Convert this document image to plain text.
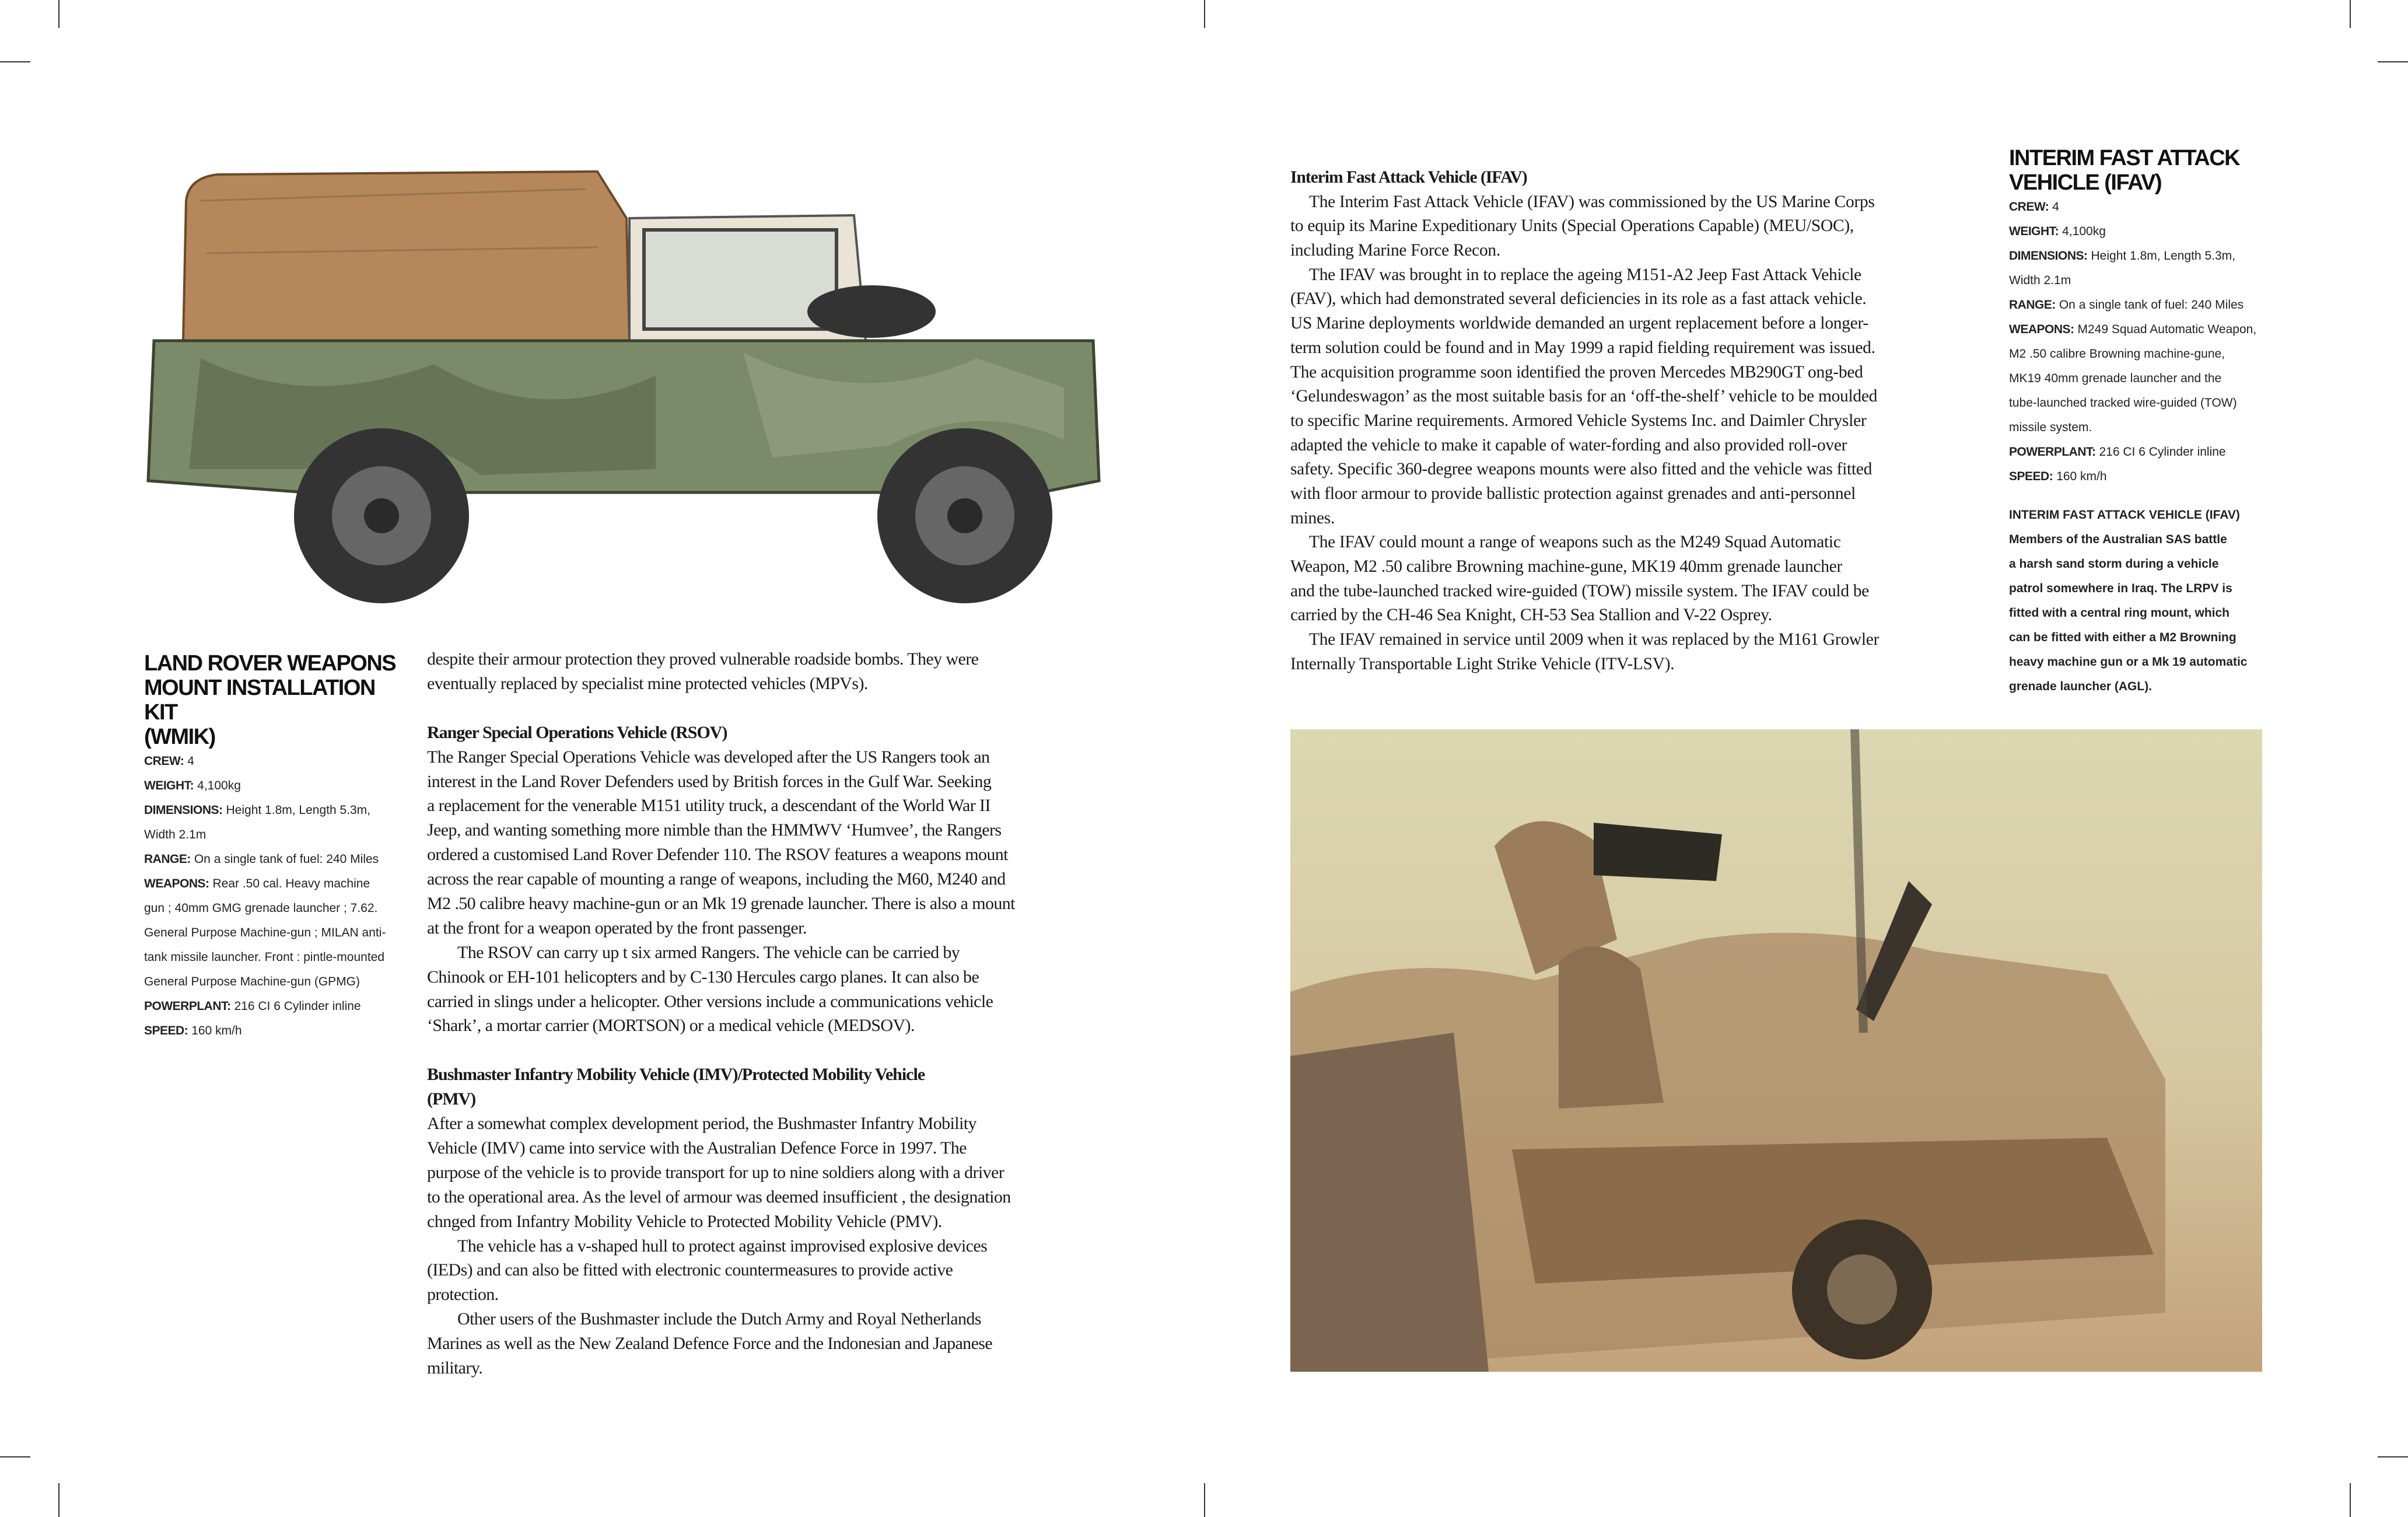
LAND ROVER WEAPONS
MOUNT INSTALLATION KIT
(WMIK)
CREW: 4
WEIGHT: 4,100kg
DIMENSIONS: Height 1.8m, Length 5.3m,
Width 2.1m
RANGE: On a single tank of fuel: 240 Miles
WEAPONS: Rear .50 cal. Heavy machine
gun ; 40mm GMG grenade launcher ; 7.62.
General Purpose Machine-gun ; MILAN anti-
tank missile launcher. Front : pintle-mounted
General Purpose Machine-gun (GPMG)
POWERPLANT: 216 CI 6 Cylinder inline
SPEED: 160 km/h
INTERIM FAST ATTACK
VEHICLE (IFAV)
CREW: 4
WEIGHT: 4,100kg
DIMENSIONS: Height 1.8m, Length 5.3m,
Width 2.1m
RANGE: On a single tank of fuel: 240 Miles
WEAPONS: M249 Squad Automatic Weapon,
M2 .50 calibre Browning machine-gune,
MK19 40mm grenade launcher and the
tube-launched tracked wire-guided (TOW)
missile system.
POWERPLANT: 216 CI 6 Cylinder inline
SPEED: 160 km/h
INTERIM FAST ATTACK VEHICLE (IFAV)
Members of the Australian SAS battle
a harsh sand storm during a vehicle
patrol somewhere in Iraq. The LRPV is
fitted with a central ring mount, which
can be fitted with either a M2 Browning
heavy machine gun or a Mk 19 automatic
grenade launcher (AGL).
despite their armour protection they proved vulnerable roadside bombs. They were
eventually replaced by specialist mine protected vehicles (MPVs).
Ranger Special Operations Vehicle (RSOV)
The Ranger Special Operations Vehicle was developed after the US Rangers took an
interest in the Land Rover Defenders used by British forces in the Gulf War. Seeking
a replacement for the venerable M151 utility truck, a descendant of the World War II
Jeep, and wanting something more nimble than the HMMWV ‘Humvee’, the Rangers
ordered a customised Land Rover Defender 110. The RSOV features a weapons mount
across the rear capable of mounting a range of weapons, including the M60, M240 and
M2 .50 calibre heavy machine-gun or an Mk 19 grenade launcher. There is also a mount
at the front for a weapon operated by the front passenger.
The RSOV can carry up t six armed Rangers. The vehicle can be carried by
Chinook or EH-101 helicopters and by C-130 Hercules cargo planes. It can also be
carried in slings under a helicopter. Other versions include a communications vehicle
‘Shark’, a mortar carrier (MORTSON) or a medical vehicle (MEDSOV).
Bushmaster Infantry Mobility Vehicle (IMV)/Protected Mobility Vehicle
(PMV)
After a somewhat complex development period, the Bushmaster Infantry Mobility
Vehicle (IMV) came into service with the Australian Defence Force in 1997. The
purpose of the vehicle is to provide transport for up to nine soldiers along with a driver
to the operational area. As the level of armour was deemed insufficient , the designation
chnged from Infantry Mobility Vehicle to Protected Mobility Vehicle (PMV).
The vehicle has a v-shaped hull to protect against improvised explosive devices
(IEDs) and can also be fitted with electronic countermeasures to provide active
protection.
Other users of the Bushmaster include the Dutch Army and Royal Netherlands
Marines as well as the New Zealand Defence Force and the Indonesian and Japanese
military.
Interim Fast Attack Vehicle (IFAV)
The Interim Fast Attack Vehicle (IFAV) was commissioned by the US Marine Corps
to equip its Marine Expeditionary Units (Special Operations Capable) (MEU/SOC),
including Marine Force Recon.
The IFAV was brought in to replace the ageing M151-A2 Jeep Fast Attack Vehicle
(FAV), which had demonstrated several deficiencies in its role as a fast attack vehicle.
US Marine deployments worldwide demanded an urgent replacement before a longer-
term solution could be found and in May 1999 a rapid fielding requirement was issued.
The acquisition programme soon identified the proven Mercedes MB290GT ong-bed
‘Gelundeswagon’ as the most suitable basis for an ‘off-the-shelf’ vehicle to be moulded
to specific Marine requirements. Armored Vehicle Systems Inc. and Daimler Chrysler
adapted the vehicle to make it capable of water-fording and also provided roll-over
safety. Specific 360-degree weapons mounts were also fitted and the vehicle was fitted
with floor armour to provide ballistic protection against grenades and anti-personnel
mines.
The IFAV could mount a range of weapons such as the M249 Squad Automatic
Weapon, M2 .50 calibre Browning machine-gune, MK19 40mm grenade launcher
and the tube-launched tracked wire-guided (TOW) missile system. The IFAV could be
carried by the CH-46 Sea Knight, CH-53 Sea Stallion and V-22 Osprey.
The IFAV remained in service until 2009 when it was replaced by the M161 Growler
Internally Transportable Light Strike Vehicle (ITV-LSV).
